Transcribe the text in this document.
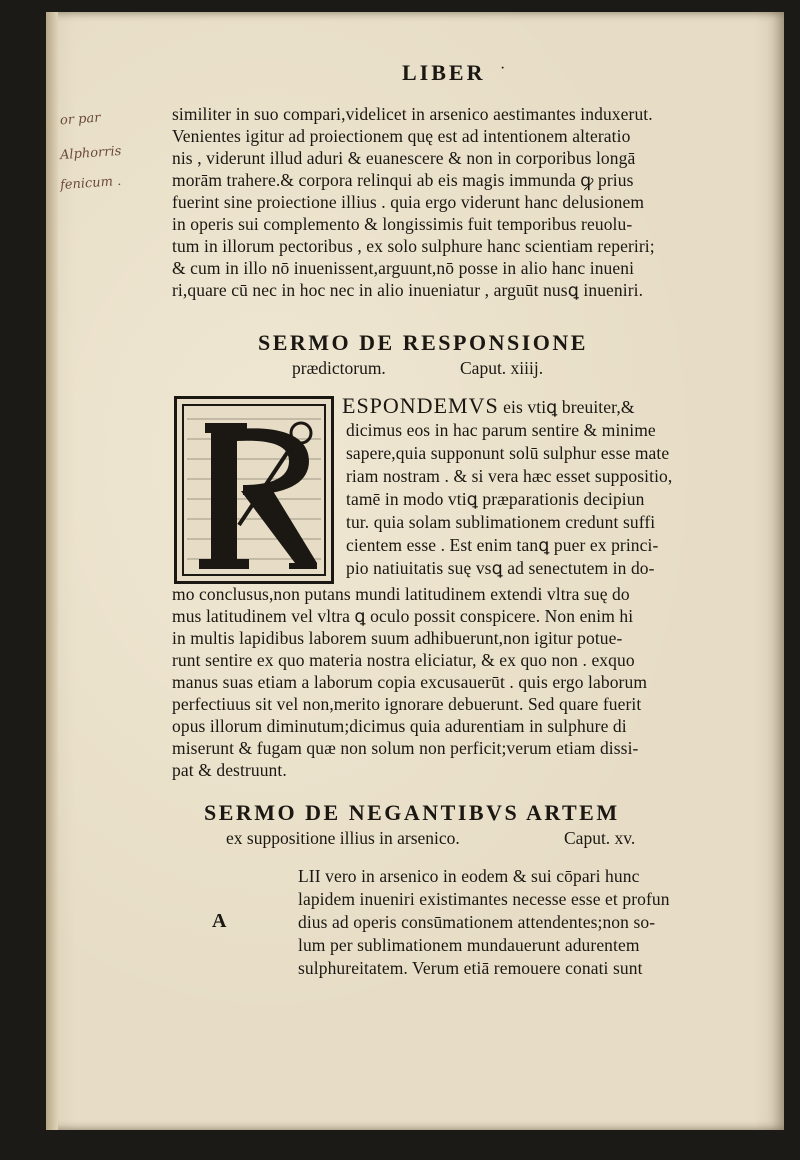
LIBER ·
or par
Alphorris
fenicum .
similiter in suo compari,videlicet in arsenico aestimantes induxerut.
Venientes igitur ad proiectionem quę est ad intentionem alteratio
nis , viderunt illud aduri & euanescere & non in corporibus longā
morām trahere.& corpora relinqui ab eis magis immunda ꝙ prius
fuerint sine proiectione illius . quia ergo viderunt hanc delusionem
in operis sui complemento & longissimis fuit temporibus reuolu-
tum in illorum pectoribus , ex solo sulphure hanc scientiam reperiri;
& cum in illo nō inuenissent,arguunt,nō posse in alio hanc inueni
ri,quare cū nec in hoc nec in alio inueniatur , arguūt nusꝗ inueniri.
SERMO DE RESPONSIONE
prædictorum.	Caput. xiiij.
ESPONDEMVS eis vtiꝗ breuiter,&
dicimus eos in hac parum sentire & minime
sapere,quia supponunt solū sulphur esse mate
riam nostram . & si vera hæc esset suppositio,
tamē in modo vtiꝗ præparationis decipiun
tur. quia solam sublimationem credunt suffi
cientem esse . Est enim tanꝗ puer ex princi-
pio natiuitatis suę vsꝗ ad senectutem in do-
mo conclusus,non putans mundi latitudinem extendi vltra suę do
mus latitudinem vel vltra ꝗ oculo possit conspicere. Non enim hi
in multis lapidibus laborem suum adhibuerunt,non igitur potue-
runt sentire ex quo materia nostra eliciatur, & ex quo non . exquo
manus suas etiam a laborum copia excusauerūt . quis ergo laborum
perfectiuus sit vel non,merito ignorare debuerunt. Sed quare fuerit
opus illorum diminutum;dicimus quia adurentiam in sulphure di
miserunt & fugam quæ non solum non perficit;verum etiam dissi-
pat & destruunt.
SERMO DE NEGANTIBVS ARTEM
ex suppositione illius in arsenico.	Caput. xv.
A
LII vero in arsenico in eodem & sui cōpari hunc
lapidem inueniri existimantes necesse esse et profun
dius ad operis consūmationem attendentes;non so-
lum per sublimationem mundauerunt adurentem
sulphureitatem. Verum etiā remouere conati sunt
